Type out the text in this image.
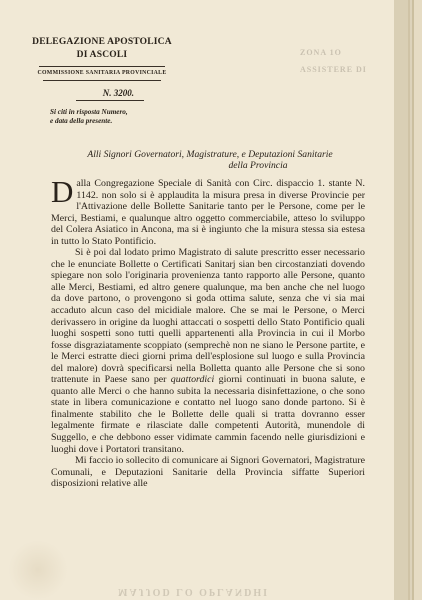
ZONA 1O
ASSISTERE DI
DELEGAZIONE APOSTOLICA
DI ASCOLI
COMMISSIONE SANITARIA PROVINCIALE
N. 3200.
Si citi in risposta Numero,
e data della presente.
Alli Signori Governatori, Magistrature, e Deputazioni Sanitarie
della Provincia

Dalla Congregazione Speciale di Sanità con Circ. dispaccio 1. stante N. 1142. non solo si è applaudita la misura presa in diverse Provincie per l'Attivazione delle Bollette Sanitarie tanto per le Persone, come per le Merci, Bestiami, e qualunque altro oggetto commerciabile, atteso lo sviluppo del Colera Asiatico in Ancona, ma si è ingiunto che la misura stessa sia estesa in tutto lo Stato Pontificio.

Si è poi dal lodato primo Magistrato di salute prescritto esser necessario che le enunciate Bollette o Certificati Sanitarj sian ben circostanziati dovendo spiegare non solo l'originaria provenienza tanto rapporto alle Persone, quanto alle Merci, Bestiami, ed altro genere qualunque, ma ben anche che nel luogo da dove partono, o provengono si goda ottima salute, senza che vi sia mai accaduto alcun caso del micidiale malore. Che se mai le Persone, o Merci derivassero in origine da luoghi attaccati o sospetti dello Stato Pontificio quali luoghi sospetti sono tutti quelli appartenenti alla Provincia in cui il Morbo fosse disgraziatamente scoppiato (semprechè non ne siano le Persone partite, e le Merci estratte dieci giorni prima dell'esplosione sul luogo e sulla Provincia del malore) dovrà specificarsi nella Bolletta quanto alle Persone che si sono trattenute in Paese sano per quattordici giorni continuati in buona salute, e quanto alle Merci o che hanno subita la necessaria disinfettazione, o che sono state in libera comunicazione e contatto nel luogo sano donde partono. Si è finalmente stabilito che le Bollette delle quali si tratta dovranno esser legalmente firmate e rilasciate dalle competenti Autorità, munendole di Suggello, e che debbono esser vidimate cammin facendo nelle giurisdizioni e luoghi dove i Portatori transitano.

Mi faccio io sollecito di comunicare ai Signori Governatori, Magistrature Comunali, e Deputazioni Sanitarie della Provincia siffatte Superiori disposizioni relative alle

MAJJOD LO OPLANDHI
